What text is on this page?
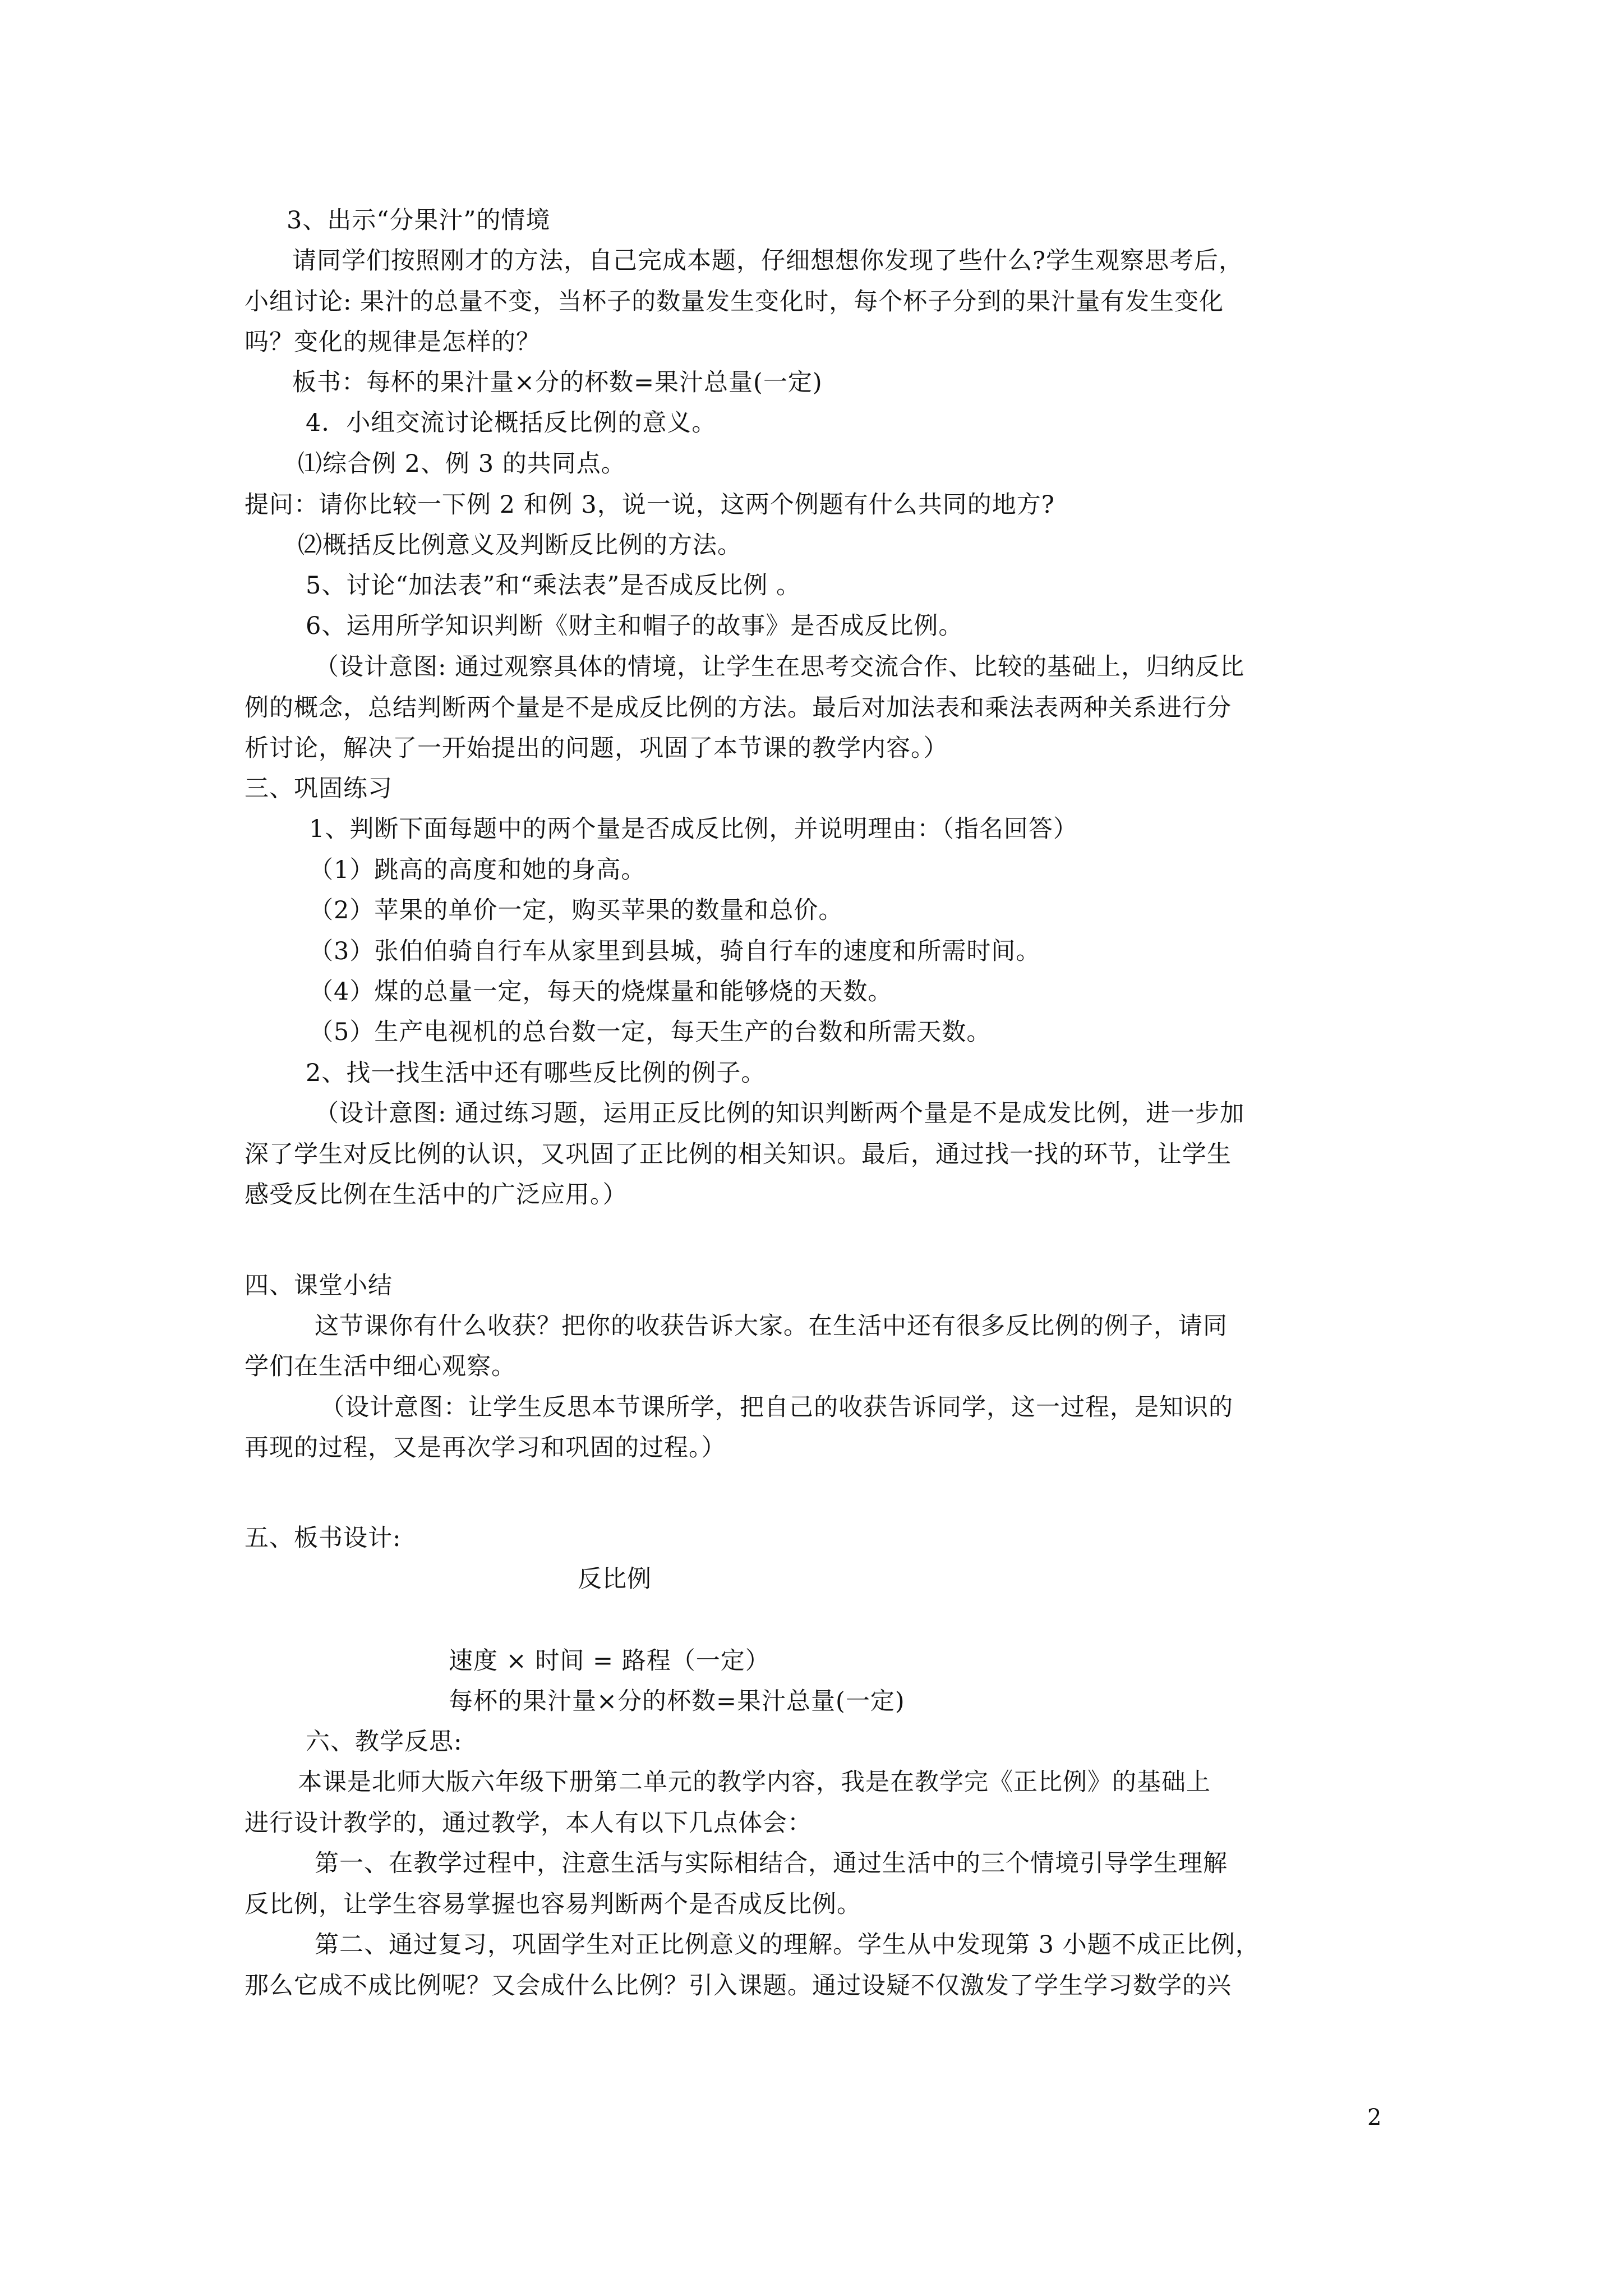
3、出示“分果汁”的情境
请同学们按照刚才的方法，自己完成本题，仔细想想你发现了些什么?学生观察思考后，
小组讨论: 果汁的总量不变，当杯子的数量发生变化时，每个杯子分到的果汁量有发生变化
吗？变化的规律是怎样的？
板书：每杯的果汁量×分的杯数=果汁总量(一定)
4．小组交流讨论概括反比例的意义。
⑴综合例 2、例 3 的共同点。
提问：请你比较一下例 2 和例 3，说一说，这两个例题有什么共同的地方?
⑵概括反比例意义及判断反比例的方法。
5、讨论“加法表”和“乘法表”是否成反比例 。
6、运用所学知识判断《财主和帽子的故事》是否成反比例。
（设计意图: 通过观察具体的情境，让学生在思考交流合作、比较的基础上，归纳反比
例的概念，总结判断两个量是不是成反比例的方法。最后对加法表和乘法表两种关系进行分
析讨论，解决了一开始提出的问题，巩固了本节课的教学内容。）
三、巩固练习
1、判断下面每题中的两个量是否成反比例，并说明理由：（指名回答）
（1）跳高的高度和她的身高。
（2）苹果的单价一定，购买苹果的数量和总价。
（3）张伯伯骑自行车从家里到县城，骑自行车的速度和所需时间。
（4）煤的总量一定，每天的烧煤量和能够烧的天数。
（5）生产电视机的总台数一定，每天生产的台数和所需天数。
2、找一找生活中还有哪些反比例的例子。
（设计意图: 通过练习题，运用正反比例的知识判断两个量是不是成发比例，进一步加
深了学生对反比例的认识，又巩固了正比例的相关知识。最后，通过找一找的环节，让学生
感受反比例在生活中的广泛应用。）
四、课堂小结
这节课你有什么收获？把你的收获告诉大家。在生活中还有很多反比例的例子，请同
学们在生活中细心观察。
（设计意图：让学生反思本节课所学，把自己的收获告诉同学，这一过程，是知识的
再现的过程，又是再次学习和巩固的过程。）
五、板书设计:
反比例
速度 × 时间 = 路程（一定）
每杯的果汁量×分的杯数=果汁总量(一定)
六、教学反思:
本课是北师大版六年级下册第二单元的教学内容，我是在教学完《正比例》的基础上
进行设计教学的，通过教学，本人有以下几点体会：
第一、在教学过程中，注意生活与实际相结合，通过生活中的三个情境引导学生理解
反比例，让学生容易掌握也容易判断两个是否成反比例。
第二、通过复习，巩固学生对正比例意义的理解。学生从中发现第 3 小题不成正比例，
那么它成不成比例呢？又会成什么比例？引入课题。通过设疑不仅激发了学生学习数学的兴
2
